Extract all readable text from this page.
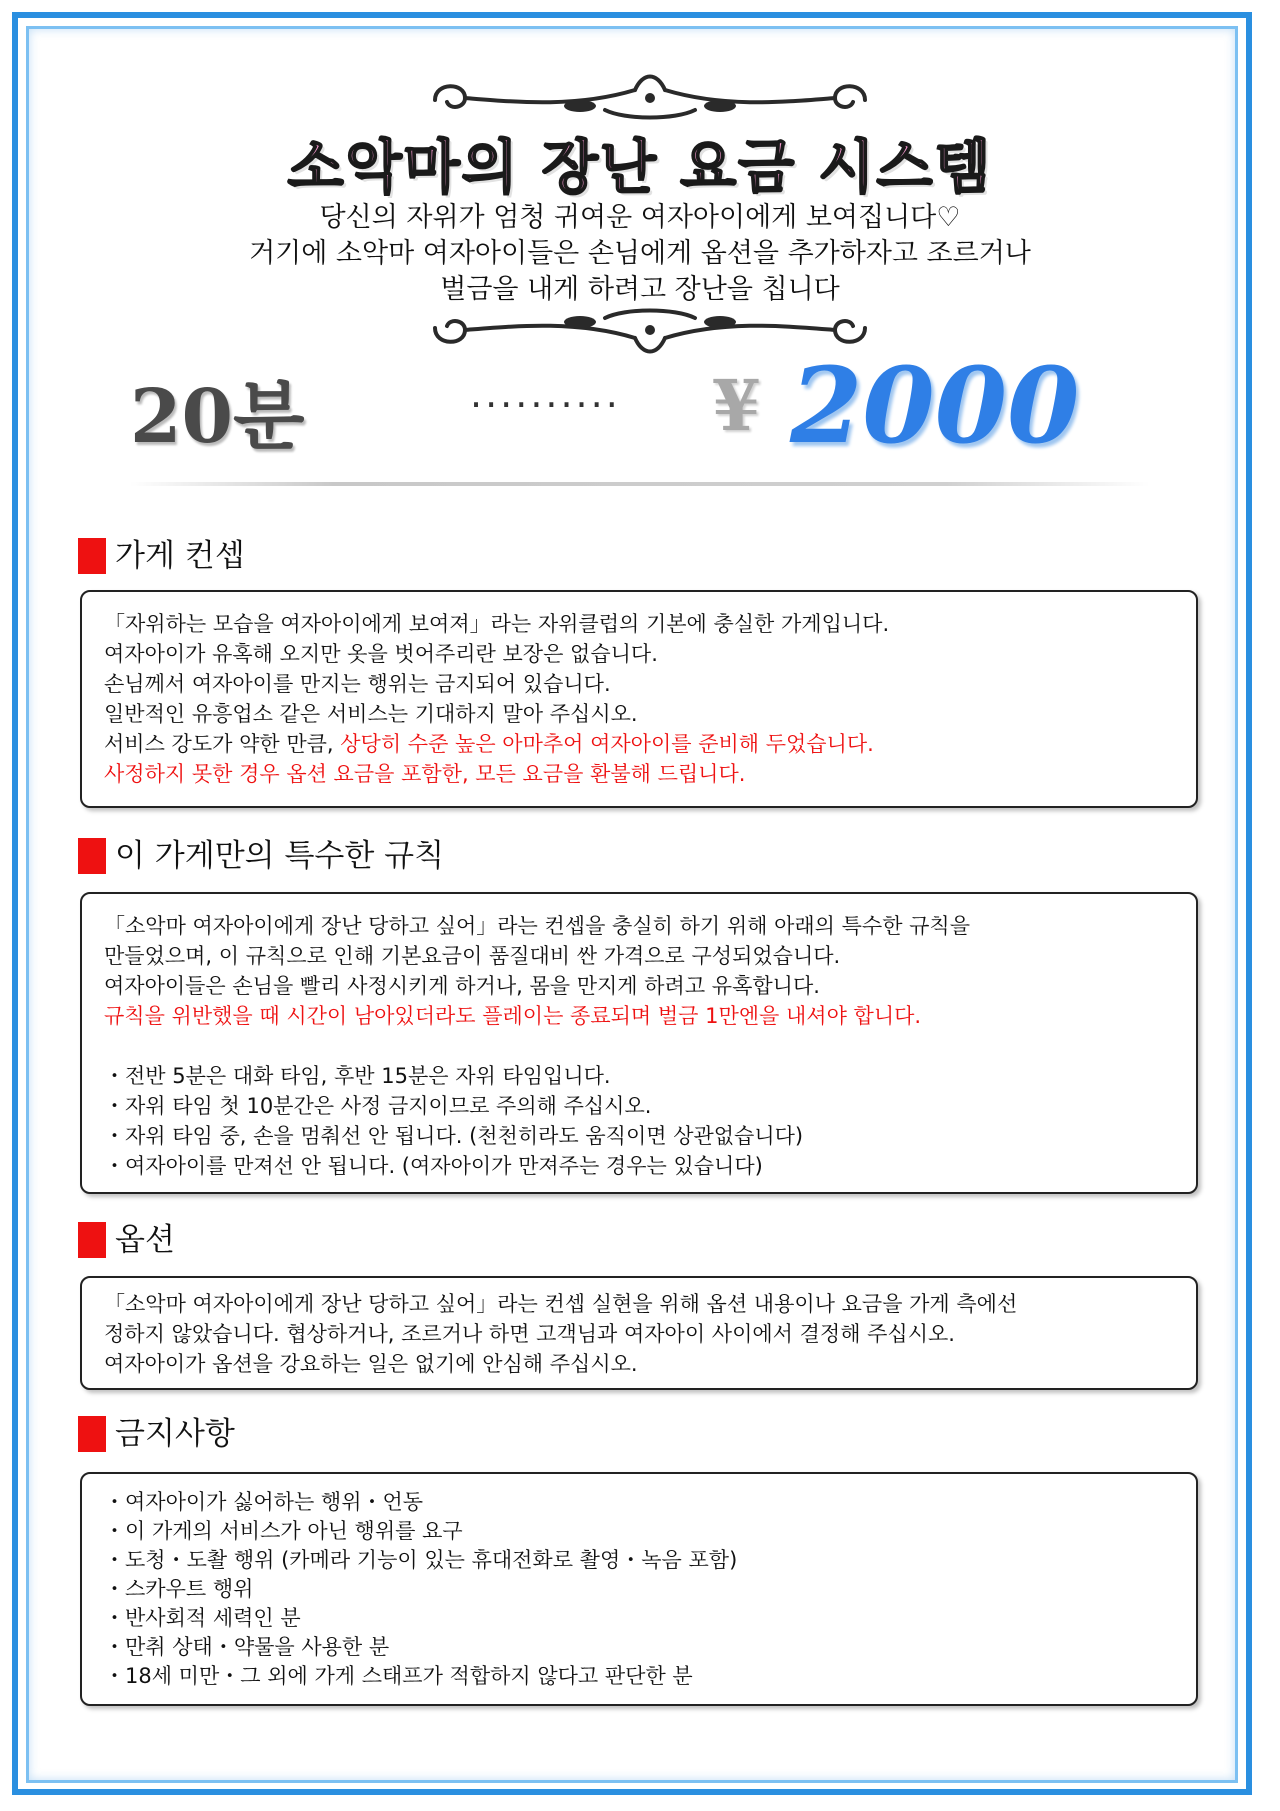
소악마의 장난 요금 시스템
당신의 자위가 엄청 귀여운 여자아이에게 보여집니다♡
거기에 소악마 여자아이들은 손님에게 옵션을 추가하자고 조르거나
벌금을 내게 하려고 장난을 칩니다
20분	.......... ¥ 2000
가게 컨셉
「자위하는 모습을 여자아이에게 보여져」라는 자위클럽의 기본에 충실한 가게입니다.
여자아이가 유혹해 오지만 옷을 벗어주리란 보장은 없습니다.
손님께서 여자아이를 만지는 행위는 금지되어 있습니다.
일반적인 유흥업소 같은 서비스는 기대하지 말아 주십시오.
서비스 강도가 약한 만큼, 상당히 수준 높은 아마추어 여자아이를 준비해 두었습니다.
사정하지 못한 경우 옵션 요금을 포함한, 모든 요금을 환불해 드립니다.
이 가게만의 특수한 규칙
「소악마 여자아이에게 장난 당하고 싶어」라는 컨셉을 충실히 하기 위해 아래의 특수한 규칙을
만들었으며, 이 규칙으로 인해 기본요금이 품질대비 싼 가격으로 구성되었습니다.
여자아이들은 손님을 빨리 사정시키게 하거나, 몸을 만지게 하려고 유혹합니다.
규칙을 위반했을 때 시간이 남아있더라도 플레이는 종료되며 벌금 1만엔을 내셔야 합니다.
・전반 5분은 대화 타임, 후반 15분은 자위 타임입니다.
・자위 타임 첫 10분간은 사정 금지이므로 주의해 주십시오.
・자위 타임 중, 손을 멈춰선 안 됩니다. (천천히라도 움직이면 상관없습니다)
・여자아이를 만져선 안 됩니다. (여자아이가 만져주는 경우는 있습니다)
옵션
「소악마 여자아이에게 장난 당하고 싶어」라는 컨셉 실현을 위해 옵션 내용이나 요금을 가게 측에선
정하지 않았습니다. 협상하거나, 조르거나 하면 고객님과 여자아이 사이에서 결정해 주십시오.
여자아이가 옵션을 강요하는 일은 없기에 안심해 주십시오.
금지사항
・여자아이가 싫어하는 행위・언동
・이 가게의 서비스가 아닌 행위를 요구
・도청・도촬 행위 (카메라 기능이 있는 휴대전화로 촬영・녹음 포함)
・스카우트 행위
・반사회적 세력인 분
・만취 상태・약물을 사용한 분
・18세 미만・그 외에 가게 스태프가 적합하지 않다고 판단한 분
